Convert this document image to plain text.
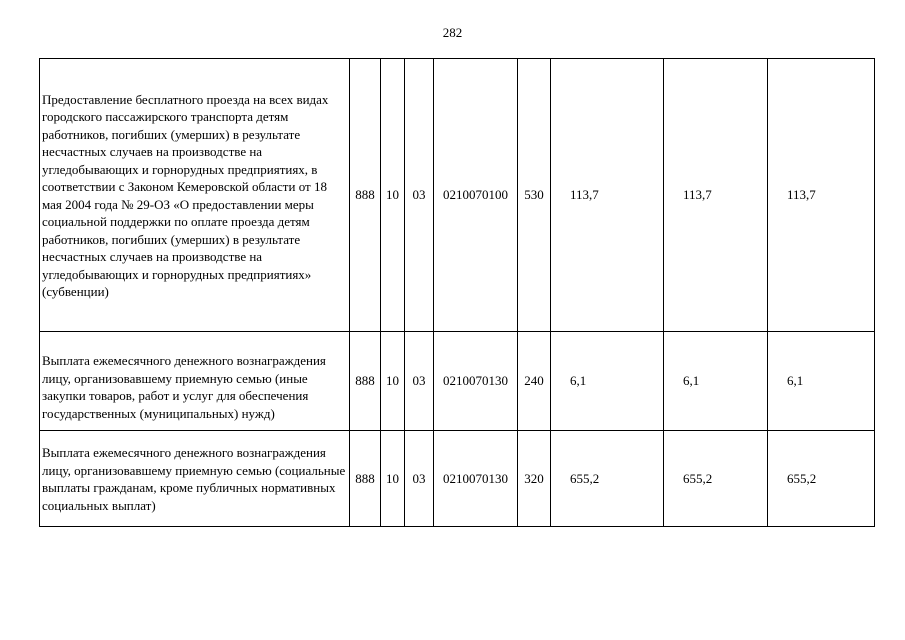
282
Предоставление бесплатного проезда на всех видах городского пассажирского транспорта детям работников, погибших (умерших) в результате несчастных случаев на производстве на угледобывающих и горнорудных предприятиях, в соответствии с Законом Кемеровской области от 18 мая 2004 года № 29-ОЗ «О предоставлении меры социальной поддержки по оплате проезда детям работников, погибших (умерших) в результате несчастных случаев на производстве на угледобывающих и горнорудных предприятиях» (субвенции)	888	10	03	0210070100	530	113,7	113,7	113,7
Выплата ежемесячного денежного вознаграждения лицу, организовавшему приемную семью (иные закупки товаров, работ и услуг для обеспечения государственных (муниципальных) нужд)	888	10	03	0210070130	240	6,1	6,1	6,1
Выплата ежемесячного денежного вознаграждения лицу, организовавшему приемную семью (социальные выплаты гражданам, кроме публичных нормативных социальных выплат)	888	10	03	0210070130	320	655,2	655,2	655,2
